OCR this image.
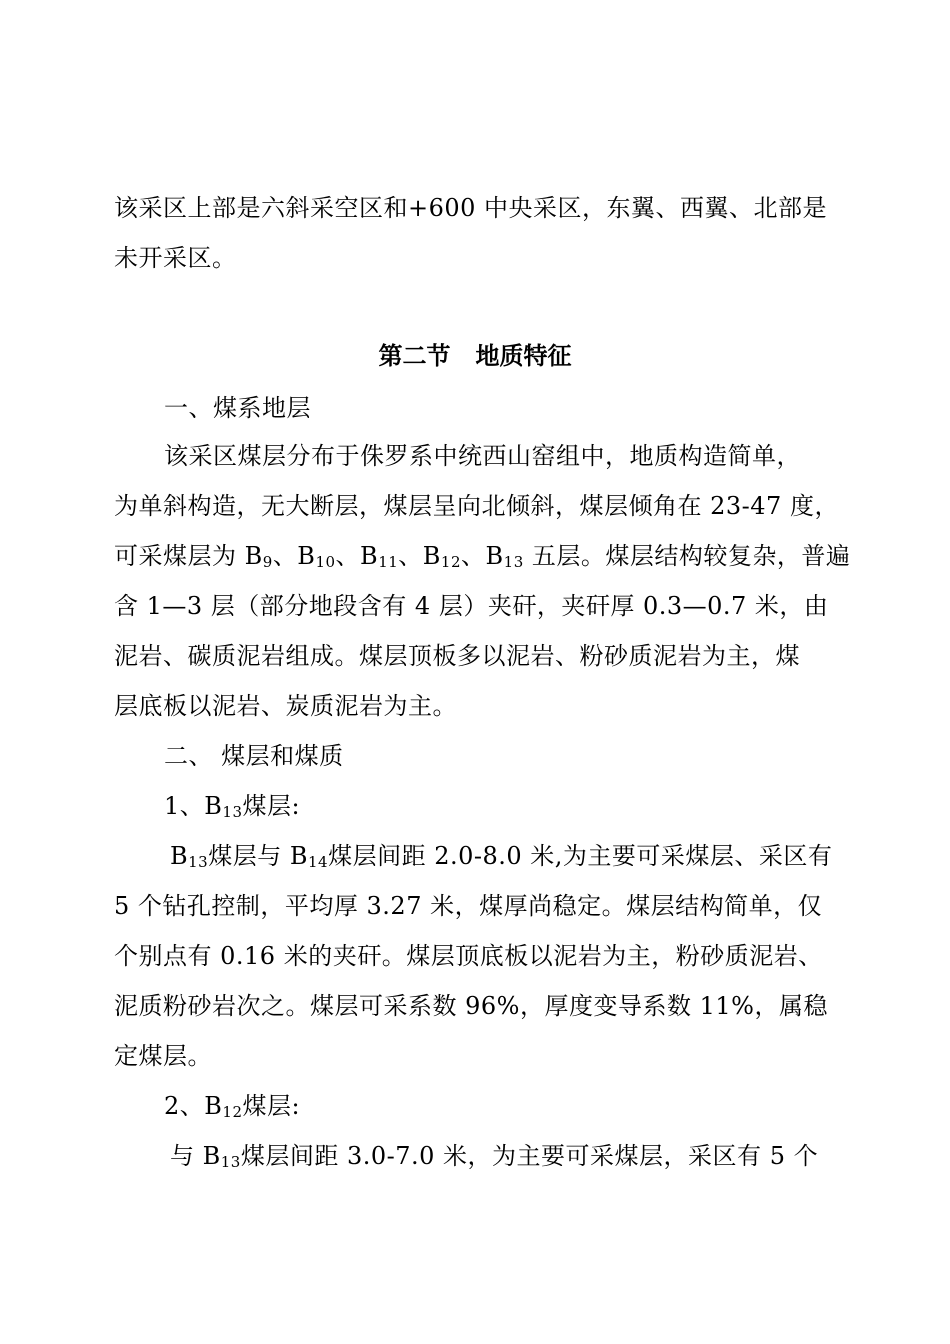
该采区上部是六斜采空区和+600 中央采区，东翼、西翼、北部是
未开采区。
第二节   地质特征
一、煤系地层
该采区煤层分布于侏罗系中统西山窑组中，地质构造简单，
为单斜构造，无大断层，煤层呈向北倾斜，煤层倾角在 23-47 度，
可采煤层为 $B_9$、$B_{10}$、$B_{11}$、$B_{12}$、$B_{13}$ 五层。煤层结构较复杂，普遍
含 1—3 层（部分地段含有 4 层）夹矸，夹矸厚 0.3—0.7 米，由
泥岩、碳质泥岩组成。煤层顶板多以泥岩、粉砂质泥岩为主，煤
层底板以泥岩、炭质泥岩为主。
二、 煤层和煤质
1、$B_{13}$煤层:
$B_{13}$煤层与 $B_{14}$煤层间距 2.0-8.0 米,为主要可采煤层、采区有
5 个钻孔控制，平均厚 3.27 米，煤厚尚稳定。煤层结构简单，仅
个别点有 0.16 米的夹矸。煤层顶底板以泥岩为主，粉砂质泥岩、
泥质粉砂岩次之。煤层可采系数 96%，厚度变导系数 11%，属稳
定煤层。
2、$B_{12}$煤层:
与 $B_{13}$煤层间距 3.0-7.0 米，为主要可采煤层，采区有 5 个
